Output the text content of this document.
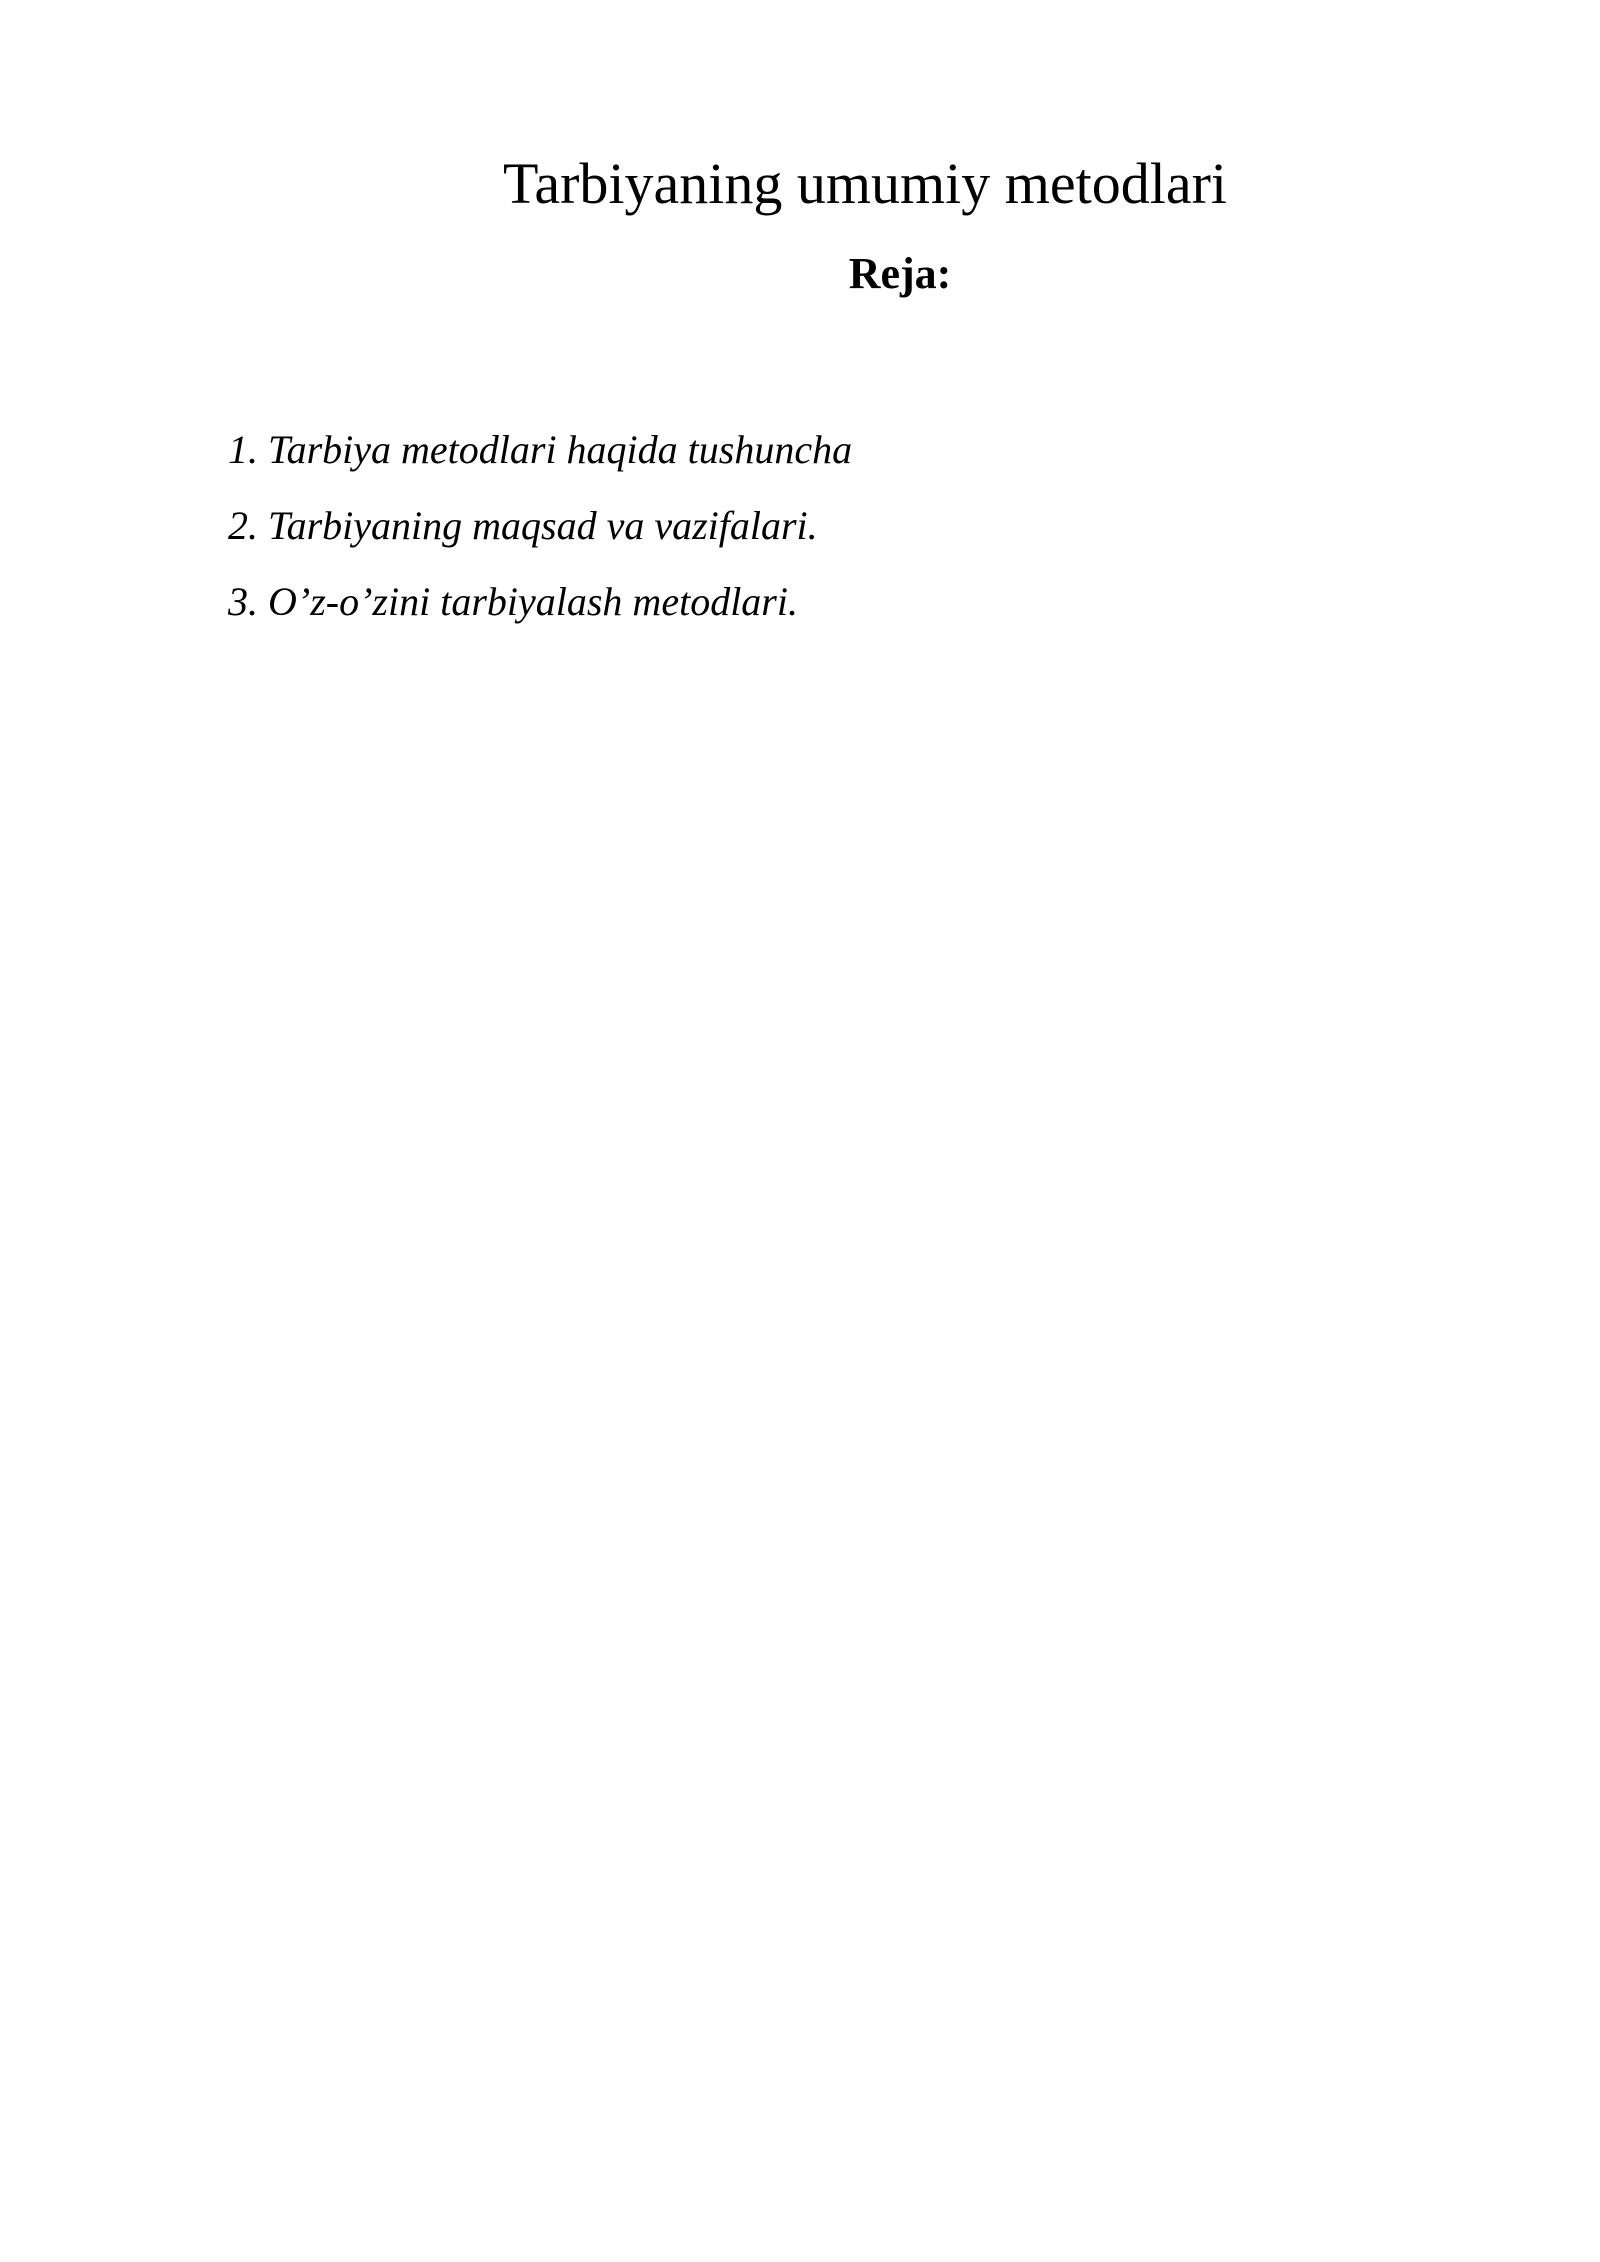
Tarbiyaning umumiy metodlari
Reja:
1. Tarbiya metodlari haqida tushuncha
2. Tarbiyaning maqsad va vazifalari.
3. O’z-o’zini tarbiyalash metodlari.
